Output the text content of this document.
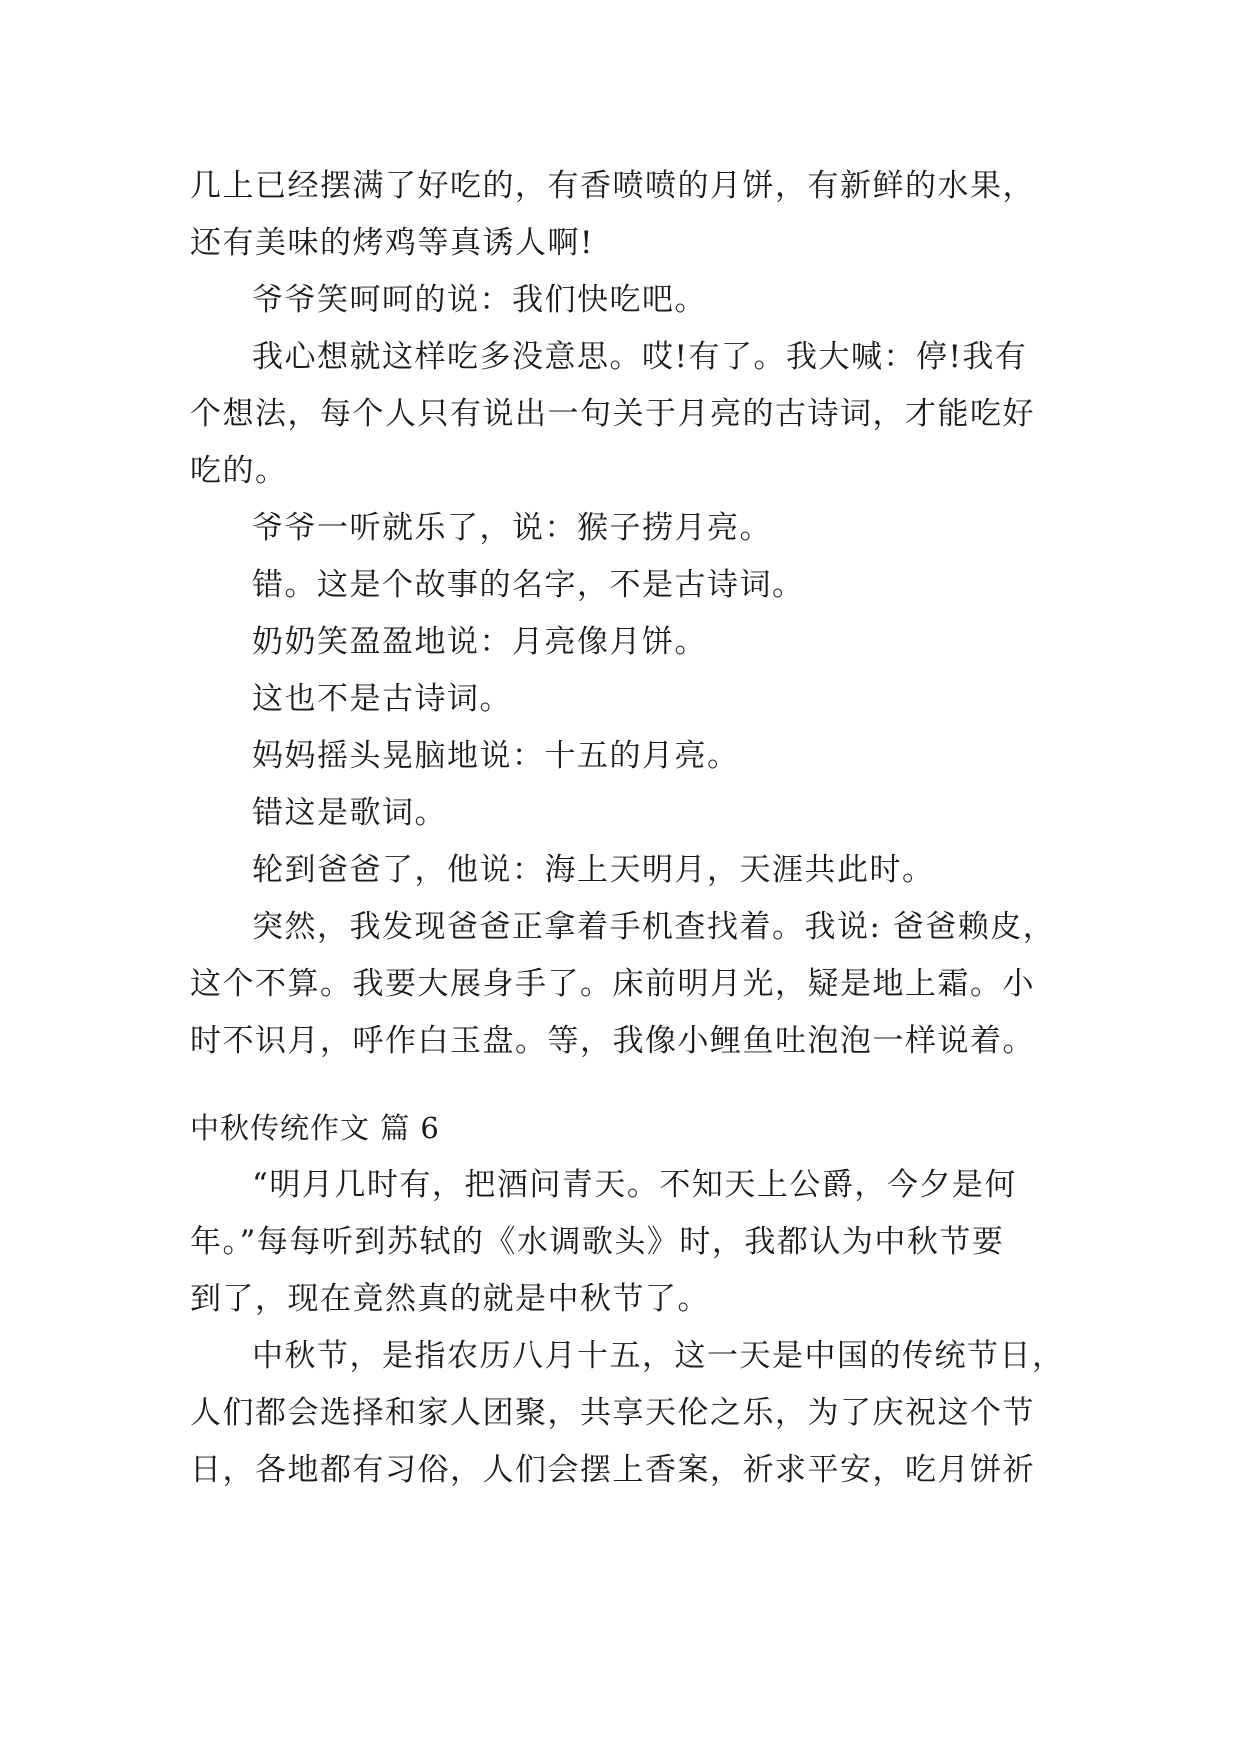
几上已经摆满了好吃的，有香喷喷的月饼，有新鲜的水果，
还有美味的烤鸡等真诱人啊!
爷爷笑呵呵的说：我们快吃吧。
我心想就这样吃多没意思。哎!有了。我大喊：停!我有
个想法，每个人只有说出一句关于月亮的古诗词，才能吃好
吃的。
爷爷一听就乐了，说：猴子捞月亮。
错。这是个故事的名字，不是古诗词。
奶奶笑盈盈地说：月亮像月饼。
这也不是古诗词。
妈妈摇头晃脑地说：十五的月亮。
错这是歌词。
轮到爸爸了，他说：海上天明月，天涯共此时。
突然，我发现爸爸正拿着手机查找着。我说: 爸爸赖皮，
这个不算。我要大展身手了。床前明月光，疑是地上霜。小
时不识月，呼作白玉盘。等，我像小鲤鱼吐泡泡一样说着。
中秋传统作文 篇 6
“明月几时有，把酒问青天。不知天上公爵，今夕是何
年。”每每听到苏轼的《水调歌头》时，我都认为中秋节要
到了，现在竟然真的就是中秋节了。
中秋节，是指农历八月十五，这一天是中国的传统节日，
人们都会选择和家人团聚，共享天伦之乐，为了庆祝这个节
日，各地都有习俗，人们会摆上香案，祈求平安，吃月饼祈
